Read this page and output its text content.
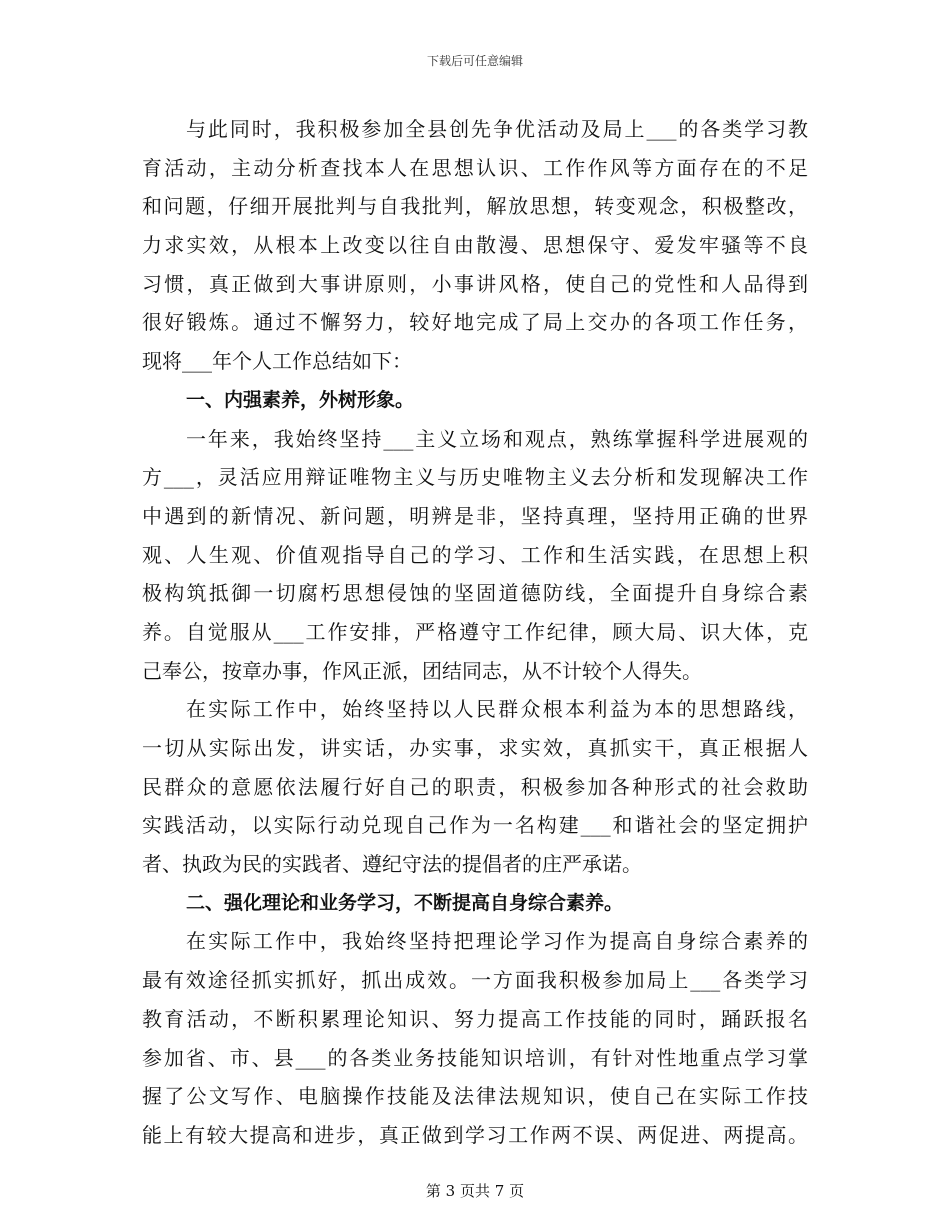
下载后可任意编辑
与此同时，我积极参加全县创先争优活动及局上___的各类学习教
育活动，主动分析查找本人在思想认识、工作作风等方面存在的不足
和问题，仔细开展批判与自我批判，解放思想，转变观念，积极整改，
力求实效，从根本上改变以往自由散漫、思想保守、爱发牢骚等不良
习惯，真正做到大事讲原则，小事讲风格，使自己的党性和人品得到
很好锻炼。通过不懈努力，较好地完成了局上交办的各项工作任务，
现将___年个人工作总结如下：
一、内强素养，外树形象。
一年来，我始终坚持___主义立场和观点，熟练掌握科学进展观的
方___，灵活应用辩证唯物主义与历史唯物主义去分析和发现解决工作
中遇到的新情况、新问题，明辨是非，坚持真理，坚持用正确的世界
观、人生观、价值观指导自己的学习、工作和生活实践，在思想上积
极构筑抵御一切腐朽思想侵蚀的坚固道德防线，全面提升自身综合素
养。自觉服从___工作安排，严格遵守工作纪律，顾大局、识大体，克
己奉公，按章办事，作风正派，团结同志，从不计较个人得失。
在实际工作中，始终坚持以人民群众根本利益为本的思想路线，
一切从实际出发，讲实话，办实事，求实效，真抓实干，真正根据人
民群众的意愿依法履行好自己的职责，积极参加各种形式的社会救助
实践活动，以实际行动兑现自己作为一名构建___和谐社会的坚定拥护
者、执政为民的实践者、遵纪守法的提倡者的庄严承诺。
二、强化理论和业务学习，不断提高自身综合素养。
在实际工作中，我始终坚持把理论学习作为提高自身综合素养的
最有效途径抓实抓好，抓出成效。一方面我积极参加局上___各类学习
教育活动，不断积累理论知识、努力提高工作技能的同时，踊跃报名
参加省、市、县___的各类业务技能知识培训，有针对性地重点学习掌
握了公文写作、电脑操作技能及法律法规知识，使自己在实际工作技
能上有较大提高和进步，真正做到学习工作两不误、两促进、两提高。
第 3 页共 7 页
